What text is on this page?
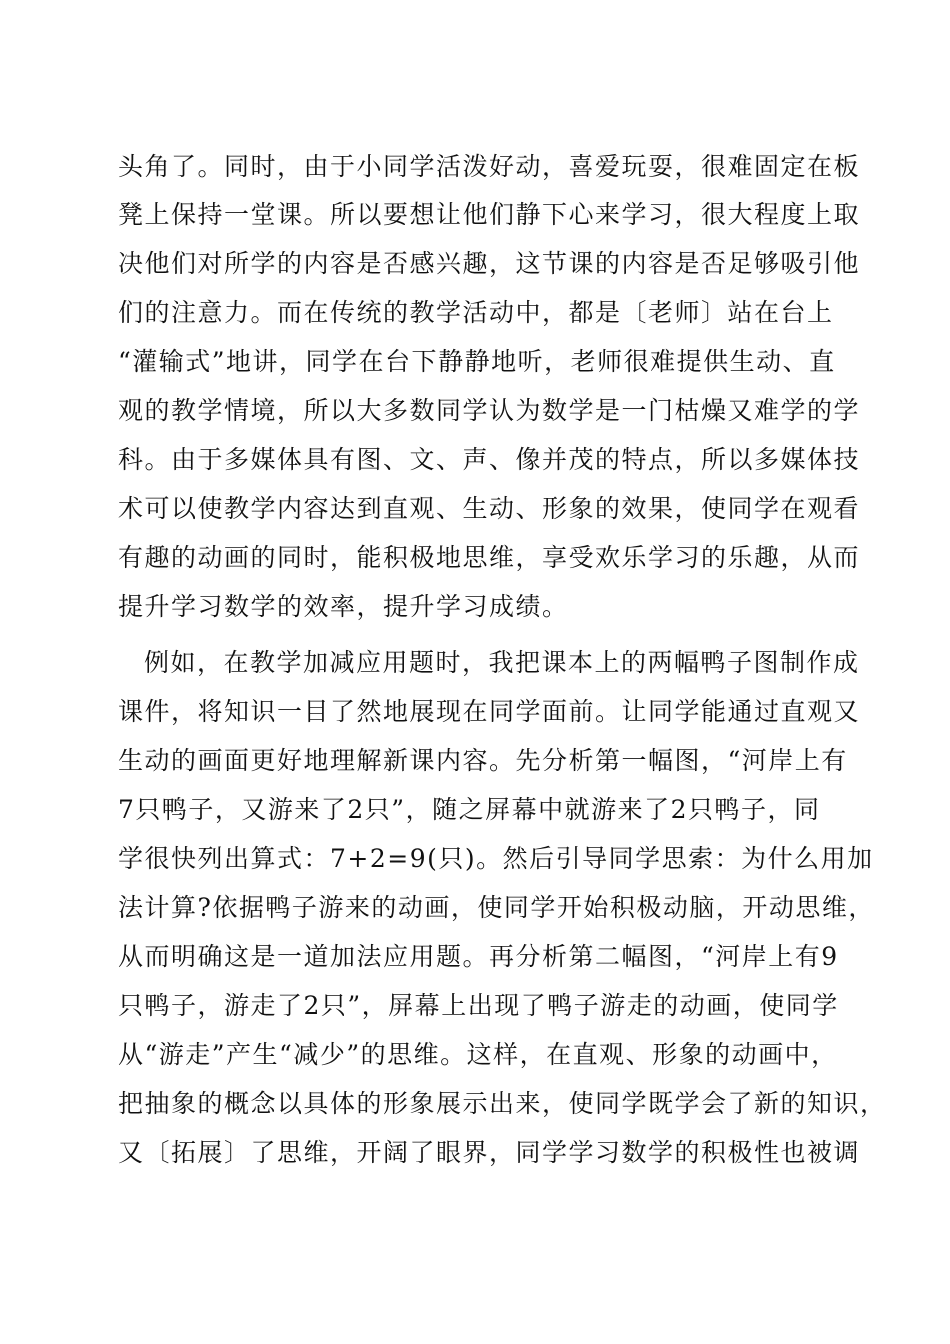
头角了。同时，由于小同学活泼好动，喜爱玩耍，很难固定在板
凳上保持一堂课。所以要想让他们静下心来学习，很大程度上取
决他们对所学的内容是否感兴趣，这节课的内容是否足够吸引他
们的注意力。而在传统的教学活动中，都是〔老师〕站在台上
“灌输式”地讲，同学在台下静静地听，老师很难提供生动、直
观的教学情境，所以大多数同学认为数学是一门枯燥又难学的学
科。由于多媒体具有图、文、声、像并茂的特点，所以多媒体技
术可以使教学内容达到直观、生动、形象的效果，使同学在观看
有趣的动画的同时，能积极地思维，享受欢乐学习的乐趣，从而
提升学习数学的效率，提升学习成绩。
例如，在教学加减应用题时，我把课本上的两幅鸭子图制作成
课件，将知识一目了然地展现在同学面前。让同学能通过直观又
生动的画面更好地理解新课内容。先分析第一幅图，“河岸上有
7只鸭子，又游来了2只”，随之屏幕中就游来了2只鸭子，同
学很快列出算式：7+2=9(只)。然后引导同学思索：为什么用加
法计算?依据鸭子游来的动画，使同学开始积极动脑，开动思维，
从而明确这是一道加法应用题。再分析第二幅图，“河岸上有9
只鸭子，游走了2只”，屏幕上出现了鸭子游走的动画，使同学
从“游走”产生“减少”的思维。这样，在直观、形象的动画中，
把抽象的概念以具体的形象展示出来，使同学既学会了新的知识，
又〔拓展〕了思维，开阔了眼界，同学学习数学的积极性也被调
